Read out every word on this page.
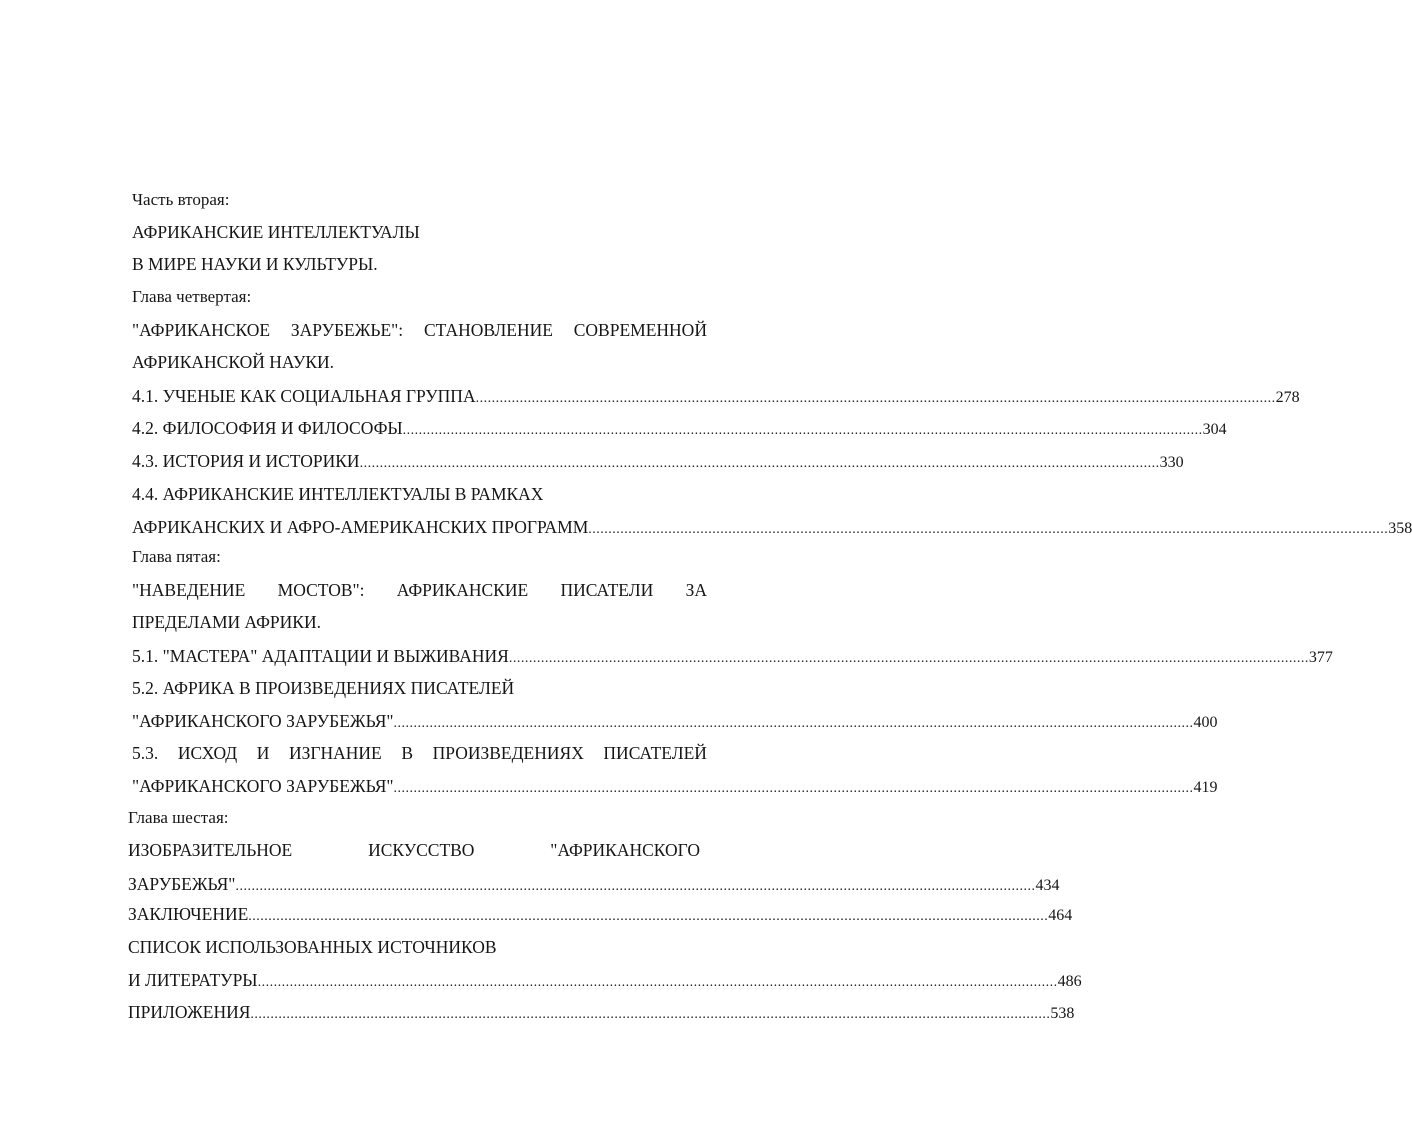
Часть вторая:
АФРИКАНСКИЕ ИНТЕЛЛЕКТУАЛЫ
В МИРЕ НАУКИ И КУЛЬТУРЫ.
Глава четвертая:
"АФРИКАНСКОЕ ЗАРУБЕЖЬЕ": СТАНОВЛЕНИЕ СОВРЕМЕННОЙ
АФРИКАНСКОЙ НАУКИ.
4.1. УЧЕНЫЕ КАК СОЦИАЛЬНАЯ ГРУППА ........................................................................................................................................................................................................ 278
4.2. ФИЛОСОФИЯ И ФИЛОСОФЫ ........................................................................................................................................................................................................ 304
4.3. ИСТОРИЯ И ИСТОРИКИ ........................................................................................................................................................................................................ 330
4.4. АФРИКАНСКИЕ ИНТЕЛЛЕКТУАЛЫ В РАМКАХ
АФРИКАНСКИХ И АФРО-АМЕРИКАНСКИХ ПРОГРАММ ........................................................................................................................................................................................................ 358
Глава пятая:
"НАВЕДЕНИЕ МОСТОВ": АФРИКАНСКИЕ ПИСАТЕЛИ ЗА
ПРЕДЕЛАМИ АФРИКИ.
5.1. "МАСТЕРА" АДАПТАЦИИ И ВЫЖИВАНИЯ ........................................................................................................................................................................................................ 377
5.2. АФРИКА В ПРОИЗВЕДЕНИЯХ ПИСАТЕЛЕЙ
"АФРИКАНСКОГО ЗАРУБЕЖЬЯ" ........................................................................................................................................................................................................ 400
5.3. ИСХОД И ИЗГНАНИЕ В ПРОИЗВЕДЕНИЯХ ПИСАТЕЛЕЙ
"АФРИКАНСКОГО ЗАРУБЕЖЬЯ" ........................................................................................................................................................................................................ 419
Глава шестая:
ИЗОБРАЗИТЕЛЬНОЕ	ИСКУССТВО	"АФРИКАНСКОГО
ЗАРУБЕЖЬЯ" ........................................................................................................................................................................................................ 434
ЗАКЛЮЧЕНИЕ ........................................................................................................................................................................................................ 464
СПИСОК ИСПОЛЬЗОВАННЫХ ИСТОЧНИКОВ
И ЛИТЕРАТУРЫ ........................................................................................................................................................................................................ 486
ПРИЛОЖЕНИЯ ........................................................................................................................................................................................................ 538
